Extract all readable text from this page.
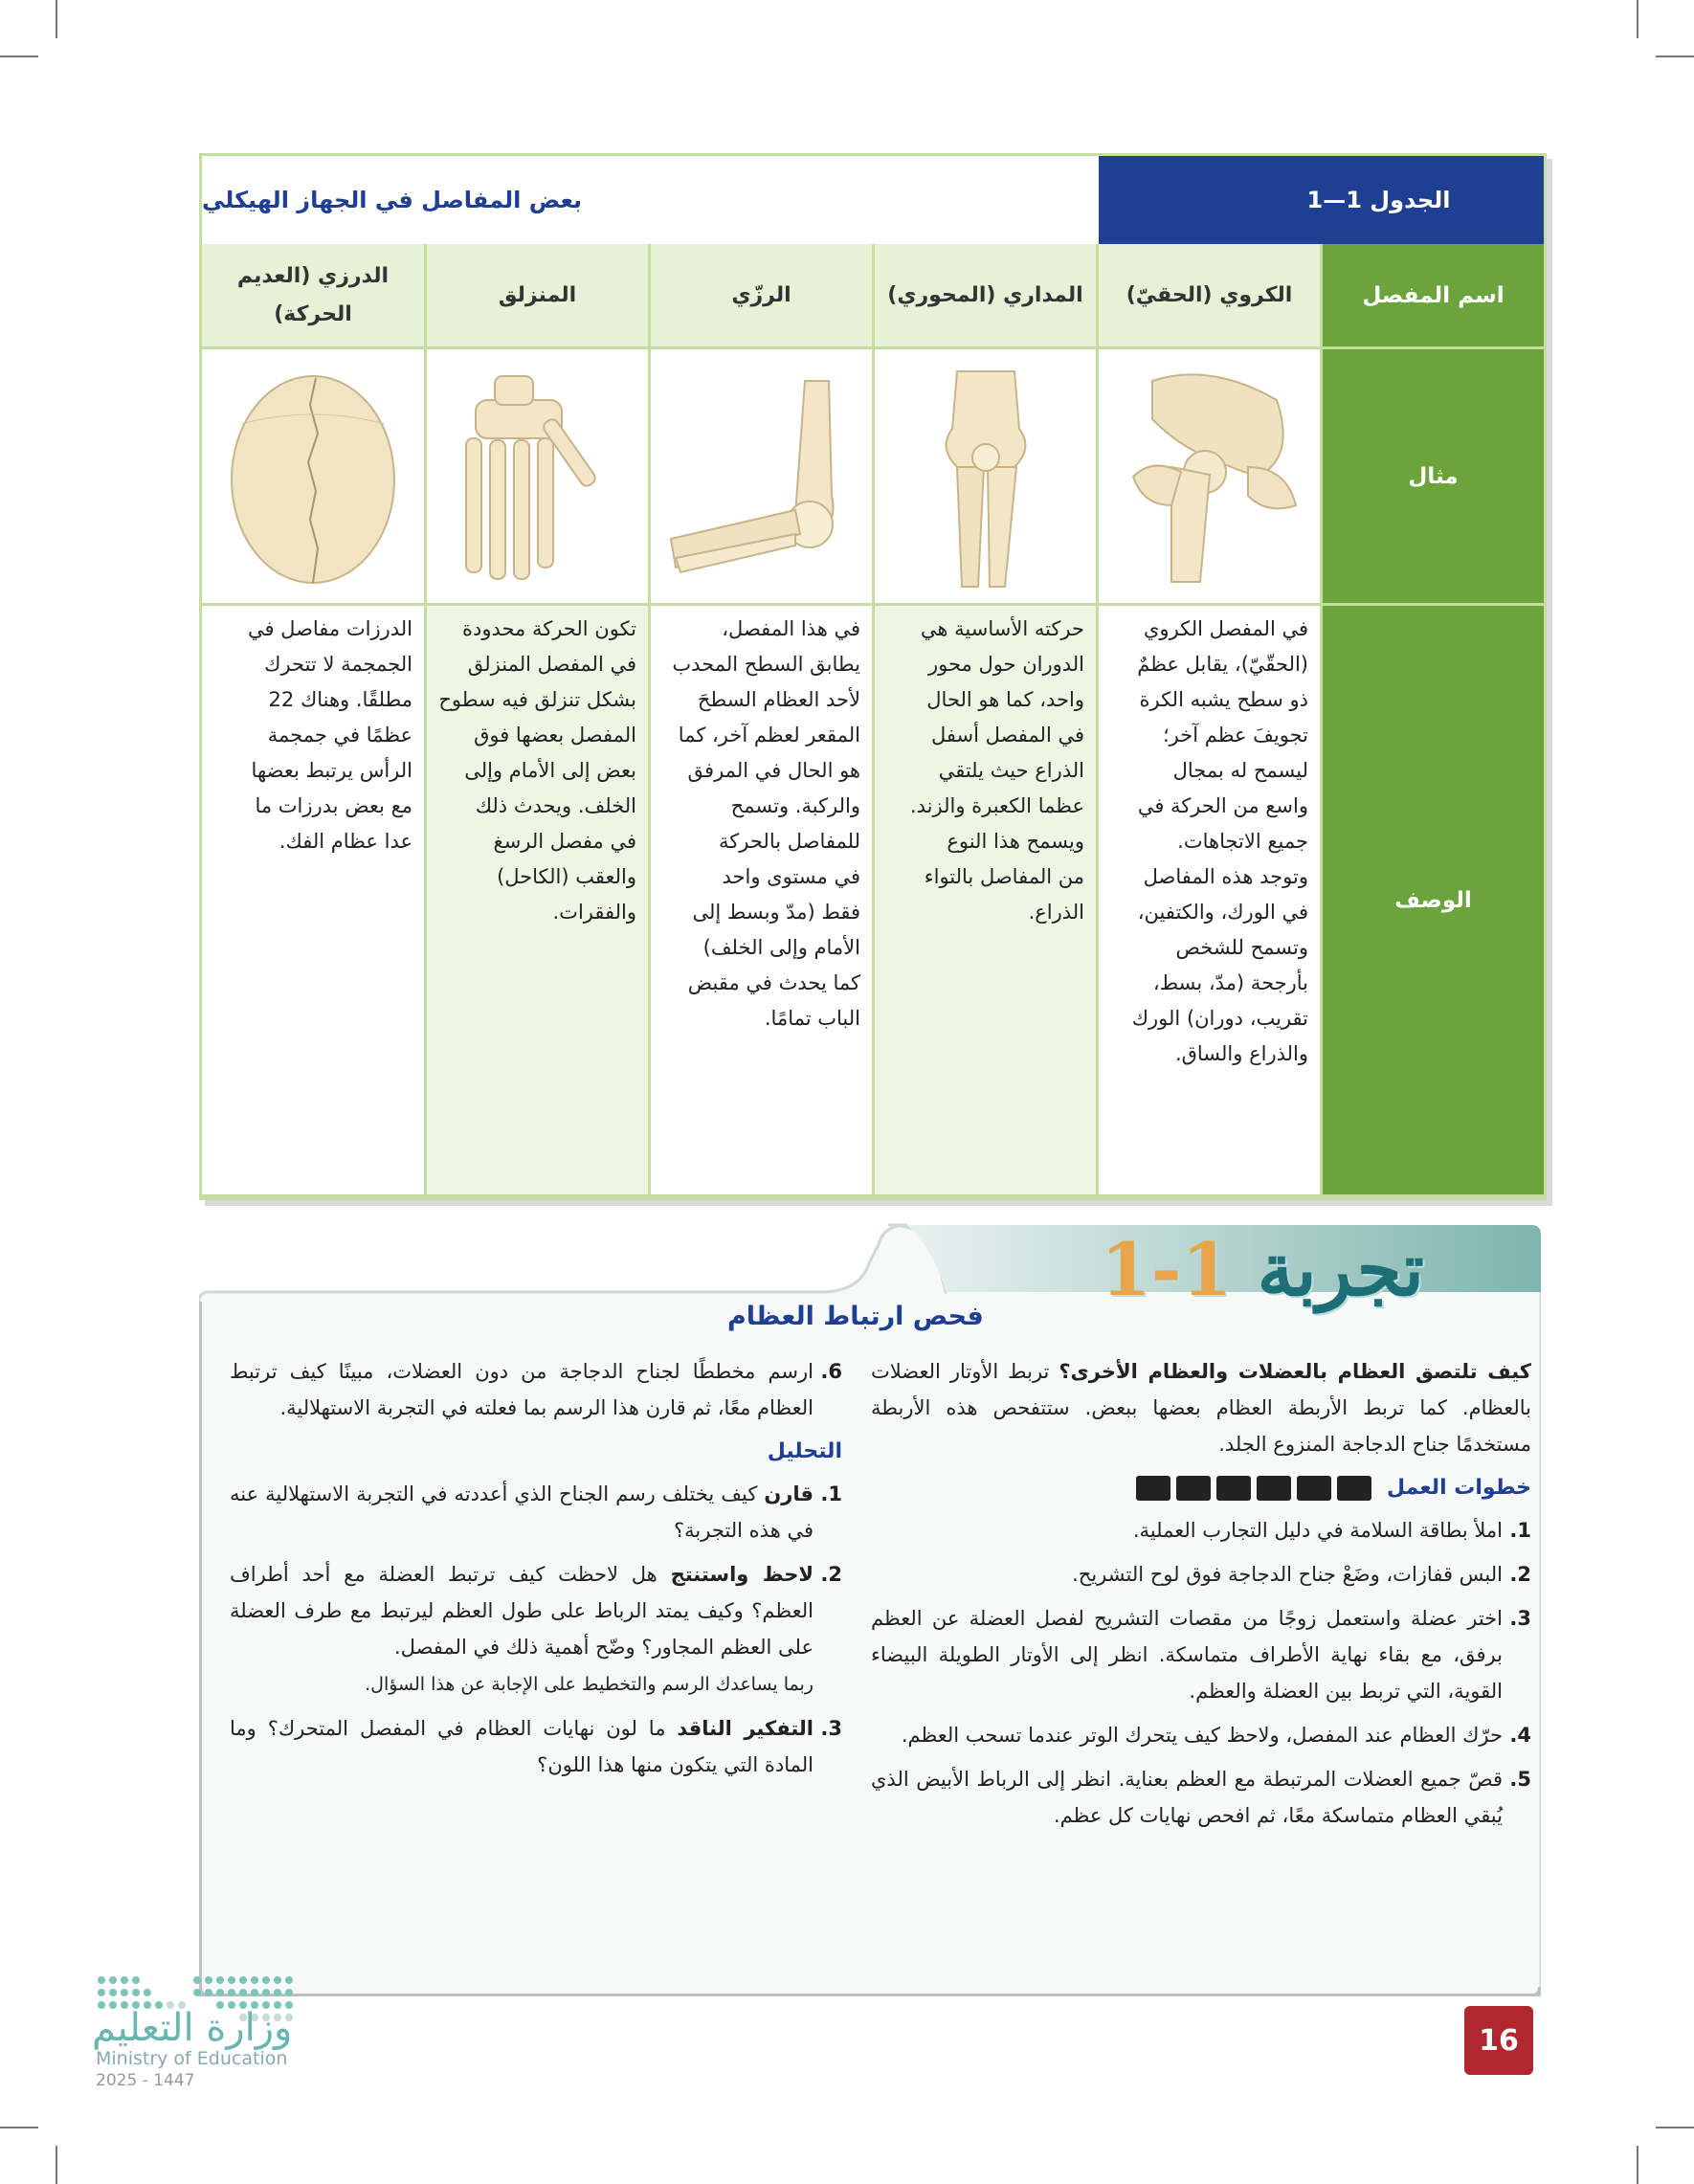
الجدول 1—1
بعض المفاصل في الجهاز الهيكلي
اسم المفصل
مثال
الوصف
الكروي (الحقيّ)
في المفصل الكروي
(الحقّيّ)، يقابل عظمٌ
ذو سطح يشبه الكرة
تجويفَ عظم آخر؛
ليسمح له بمجال
واسع من الحركة في
جميع الاتجاهات.
وتوجد هذه المفاصل
في الورك، والكتفين،
وتسمح للشخص
بأرجحة (مدّ، بسط،
تقريب، دوران) الورك
والذراع والساق.
المداري (المحوري)
حركته الأساسية هي
الدوران حول محور
واحد، كما هو الحال
في المفصل أسفل
الذراع حيث يلتقي
عظما الكعبرة والزند.
ويسمح هذا النوع
من المفاصل بالتواء
الذراع.
الرزّي
في هذا المفصل،
يطابق السطح المحدب
لأحد العظام السطحَ
المقعر لعظم آخر، كما
هو الحال في المرفق
والركبة. وتسمح
للمفاصل بالحركة
في مستوى واحد
فقط (مدّ وبسط إلى
الأمام وإلى الخلف)
كما يحدث في مقبض
الباب تمامًا.
المنزلق
تكون الحركة محدودة
في المفصل المنزلق
بشكل تنزلق فيه سطوح
المفصل بعضها فوق
بعض إلى الأمام وإلى
الخلف. ويحدث ذلك
في مفصل الرسغ
والعقب (الكاحل)
والفقرات.
الدرزي (العديم الحركة)
الدرزات مفاصل في
الجمجمة لا تتحرك
مطلقًا. وهناك 22
عظمًا في جمجمة
الرأس يرتبط بعضها
مع بعض بدرزات ما
عدا عظام الفك.
تجربة 1-1
فحص ارتباط العظام
كيف تلتصق العظام بالعضلات والعظام الأخرى؟ تربط الأوتار العضلات بالعظام. كما تربط الأربطة العظام بعضها ببعض. ستتفحص هذه الأربطة مستخدمًا جناح الدجاجة المنزوع الجلد.
خطوات العمل
1.
املأ بطاقة السلامة في دليل التجارب العملية.
2.
البس قفازات، وضَعْ جناح الدجاجة فوق لوح التشريح.
3.
اختر عضلة واستعمل زوجًا من مقصات التشريح لفصل العضلة عن العظم برفق، مع بقاء نهاية الأطراف متماسكة. انظر إلى الأوتار الطويلة البيضاء القوية، التي تربط بين العضلة والعظم.
4.
حرّك العظام عند المفصل، ولاحظ كيف يتحرك الوتر عندما تسحب العظم.
5.
قصّ جميع العضلات المرتبطة مع العظم بعناية. انظر إلى الرباط الأبيض الذي يُبقي العظام متماسكة معًا، ثم افحص نهايات كل عظم.
6.
ارسم مخططًا لجناح الدجاجة من دون العضلات، مبينًا كيف ترتبط العظام معًا، ثم قارن هذا الرسم بما فعلته في التجربة الاستهلالية.
التحليل
1.
قارن كيف يختلف رسم الجناح الذي أعددته في التجربة الاستهلالية عنه في هذه التجربة؟
2.
لاحظ واستنتج هل لاحظت كيف ترتبط العضلة مع أحد أطراف العظم؟ وكيف يمتد الرباط على طول العظم ليرتبط مع طرف العضلة على العظم المجاور؟ وضّح أهمية ذلك في المفصل.
ربما يساعدك الرسم والتخطيط على الإجابة عن هذا السؤال.
3.
التفكير الناقد ما لون نهايات العظام في المفصل المتحرك؟ وما المادة التي يتكون منها هذا اللون؟
16
وزارة التعليم
Ministry of Education
2025 - 1447
